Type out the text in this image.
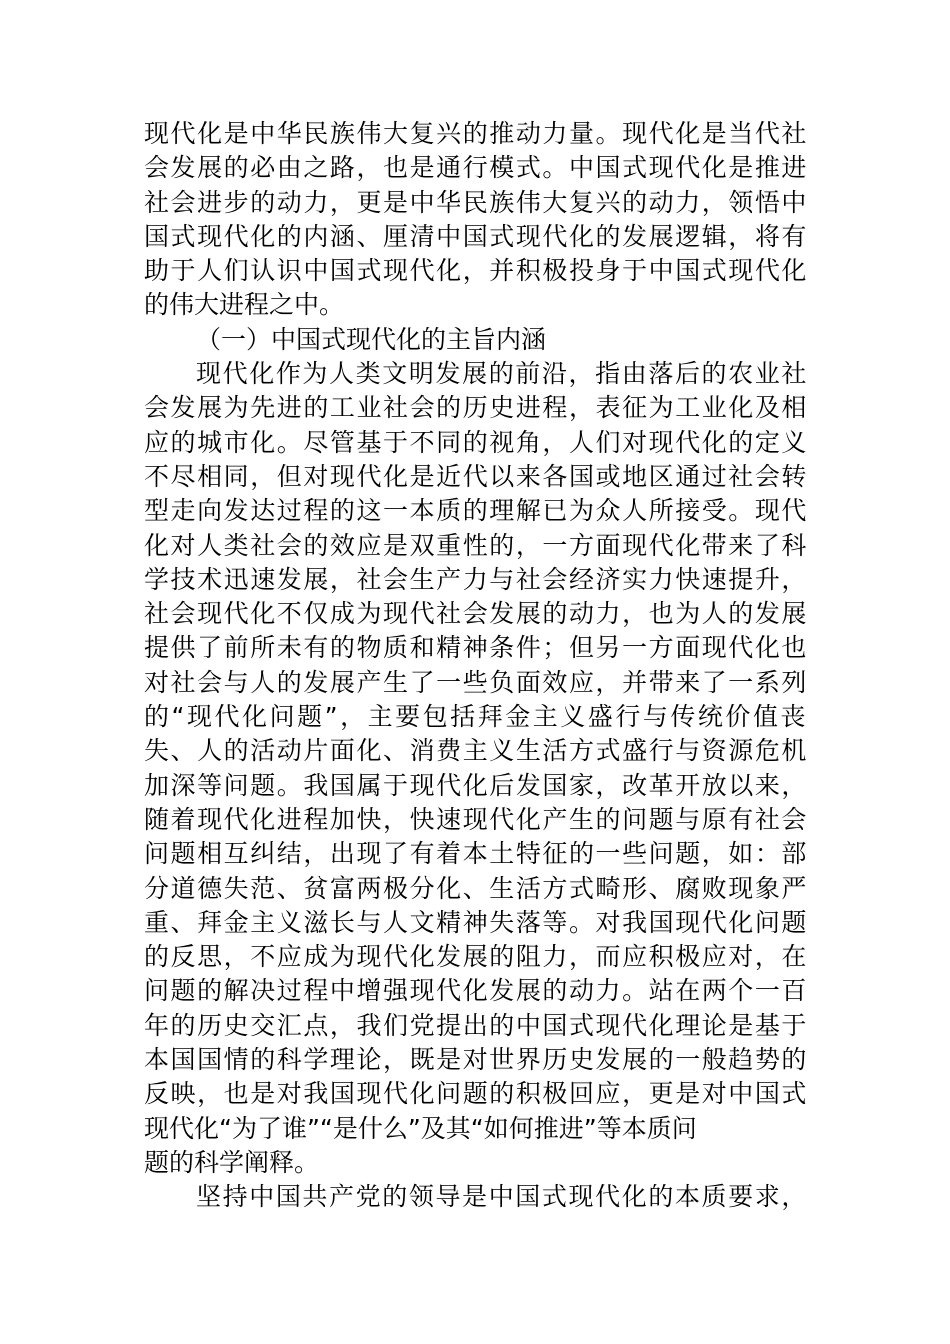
现代化是中华民族伟大复兴的推动力量。现代化是当代社
会发展的必由之路，也是通行模式。中国式现代化是推进
社会进步的动力，更是中华民族伟大复兴的动力，领悟中
国式现代化的内涵、厘清中国式现代化的发展逻辑，将有
助于人们认识中国式现代化，并积极投身于中国式现代化
的伟大进程之中。
（一）中国式现代化的主旨内涵
现代化作为人类文明发展的前沿，指由落后的农业社
会发展为先进的工业社会的历史进程，表征为工业化及相
应的城市化。尽管基于不同的视角，人们对现代化的定义
不尽相同，但对现代化是近代以来各国或地区通过社会转
型走向发达过程的这一本质的理解已为众人所接受。现代
化对人类社会的效应是双重性的，一方面现代化带来了科
学技术迅速发展，社会生产力与社会经济实力快速提升，
社会现代化不仅成为现代社会发展的动力，也为人的发展
提供了前所未有的物质和精神条件；但另一方面现代化也
对社会与人的发展产生了一些负面效应，并带来了一系列
的“现代化问题”，主要包括拜金主义盛行与传统价值丧
失、人的活动片面化、消费主义生活方式盛行与资源危机
加深等问题。我国属于现代化后发国家，改革开放以来，
随着现代化进程加快，快速现代化产生的问题与原有社会
问题相互纠结，出现了有着本土特征的一些问题，如：部
分道德失范、贫富两极分化、生活方式畸形、腐败现象严
重、拜金主义滋长与人文精神失落等。对我国现代化问题
的反思，不应成为现代化发展的阻力，而应积极应对，在
问题的解决过程中增强现代化发展的动力。站在两个一百
年的历史交汇点，我们党提出的中国式现代化理论是基于
本国国情的科学理论，既是对世界历史发展的一般趋势的
反映，也是对我国现代化问题的积极回应，更是对中国式
现代化“为了谁”“是什么”及其“如何推进”等本质问
题的科学阐释。
坚持中国共产党的领导是中国式现代化的本质要求，
